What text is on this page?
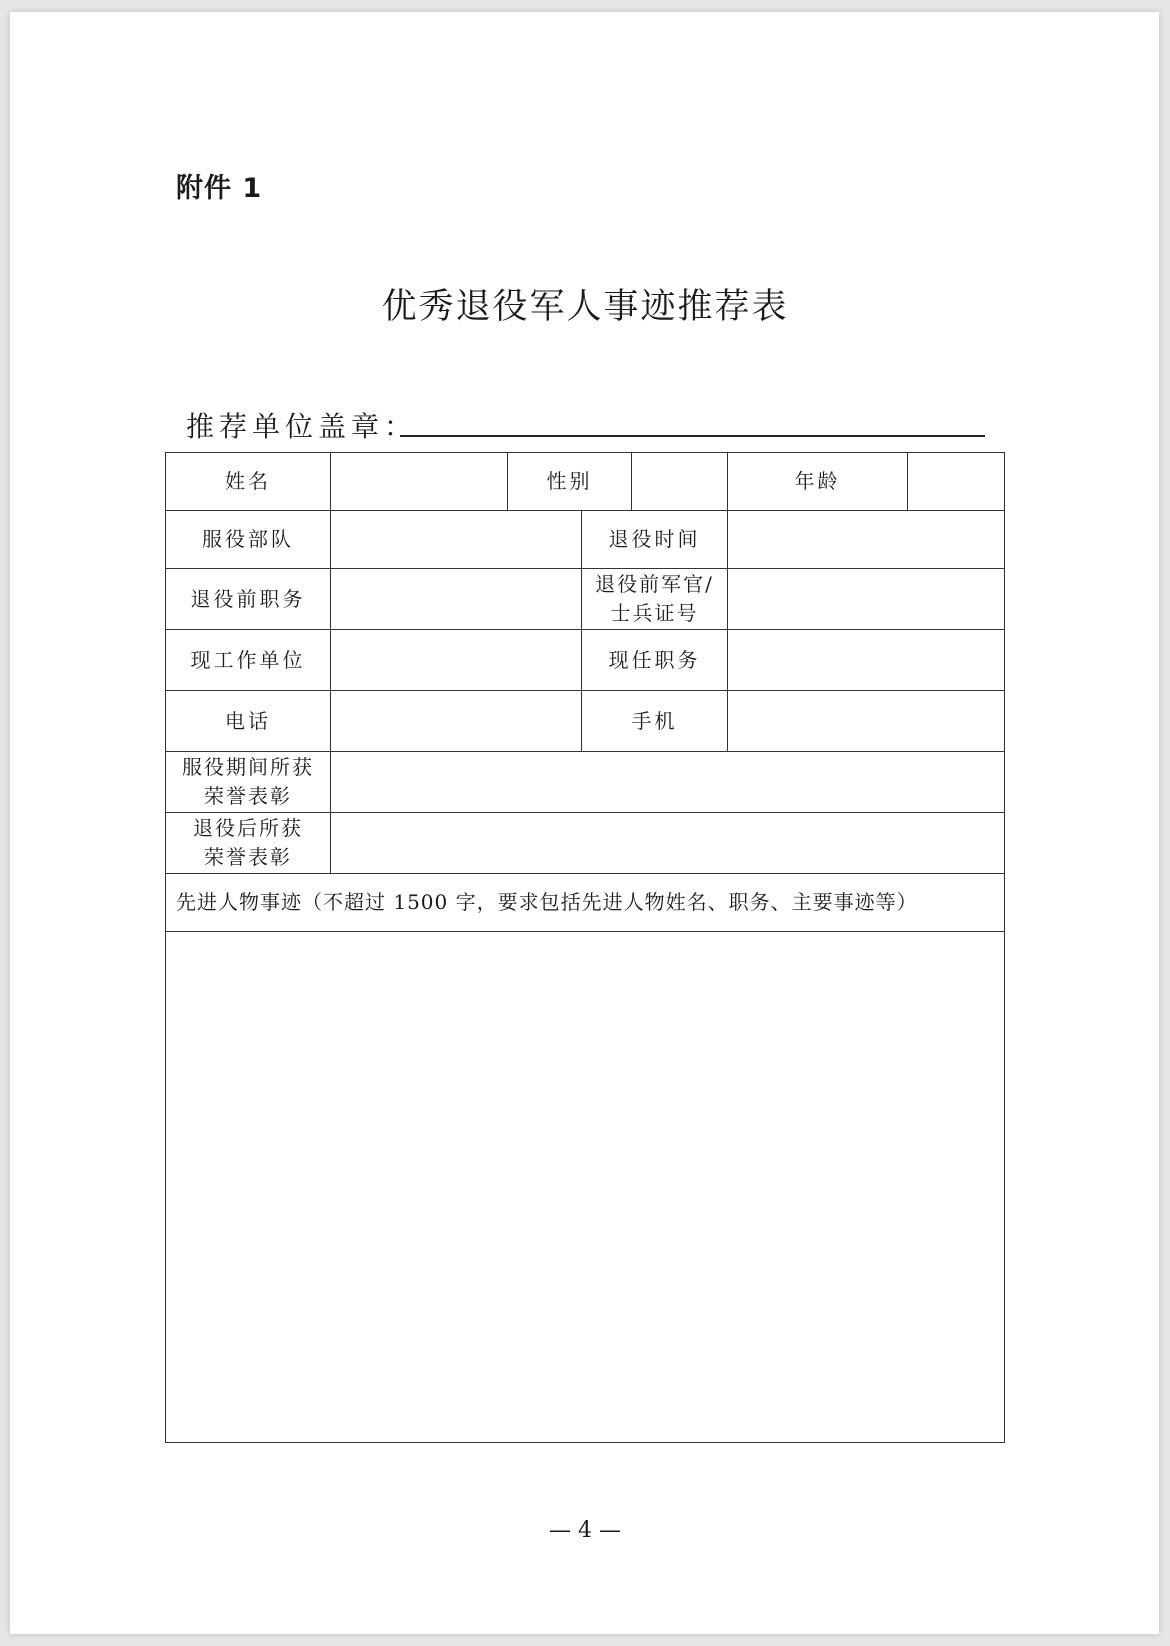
附件 1
优秀退役军人事迹推荐表
推荐单位盖章：
姓名		性别			年龄	
服役部队			退役时间			
退役前职务			退役前军官/
士兵证号			
现工作单位			现任职务			
电话			手机			
服役期间所获
荣誉表彰						
退役后所获
荣誉表彰						
先进人物事迹（不超过 1500 字，要求包括先进人物姓名、职务、主要事迹等）						

— 4 —
